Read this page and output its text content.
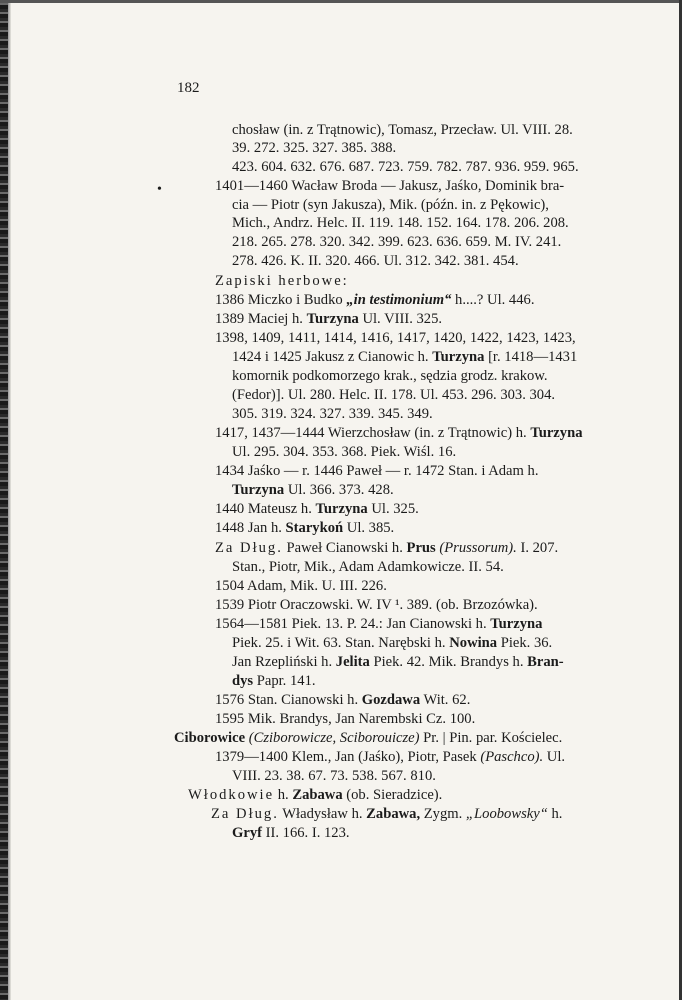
182
•
chosław (in. z Trątnowic), Tomasz, Przecław. Ul. VIII. 28.
39. 272. 325. 327. 385. 388.
423. 604. 632. 676. 687. 723. 759. 782. 787. 936. 959. 965.
1401—1460 Wacław Broda — Jakusz, Jaśko, Dominik bra-
cia — Piotr (syn Jakusza), Mik. (późn. in. z Pękowic),
Mich., Andrz. Helc. II. 119. 148. 152. 164. 178. 206. 208.
218. 265. 278. 320. 342. 399. 623. 636. 659. M. IV. 241.
278. 426. K. II. 320. 466. Ul. 312. 342. 381. 454.
Zapiski herbowe:
1386 Miczko i Budko „in testimonium“ h....? Ul. 446.
1389 Maciej h. Turzyna Ul. VIII. 325.
1398, 1409, 1411, 1414, 1416, 1417, 1420, 1422, 1423, 1423,
1424 i 1425 Jakusz z Cianowic h. Turzyna [r. 1418—1431
komornik podkomorzego krak., sędzia grodz. krakow.
(Fedor)]. Ul. 280. Helc. II. 178. Ul. 453. 296. 303. 304.
305. 319. 324. 327. 339. 345. 349.
1417, 1437—1444 Wierzchosław (in. z Trątnowic) h. Turzyna
Ul. 295. 304. 353. 368. Piek. Wiśl. 16.
1434 Jaśko — r. 1446 Paweł — r. 1472 Stan. i Adam h.
Turzyna Ul. 366. 373. 428.
1440 Mateusz h. Turzyna Ul. 325.
1448 Jan h. Starykoń Ul. 385.
Za Dług. Paweł Cianowski h. Prus (Prussorum). I. 207.
Stan., Piotr, Mik., Adam Adamkowicze. II. 54.
1504 Adam, Mik. U. III. 226.
1539 Piotr Oraczowski. W. IV ¹. 389. (ob. Brzozówka).
1564—1581 Piek. 13. P. 24.: Jan Cianowski h. Turzyna
Piek. 25. i Wit. 63. Stan. Narębski h. Nowina Piek. 36.
Jan Rzepliński h. Jelita Piek. 42. Mik. Brandys h. Bran-
dys Papr. 141.
1576 Stan. Cianowski h. Gozdawa Wit. 62.
1595 Mik. Brandys, Jan Narembski Cz. 100.
Ciborowice (Cziborowicze, Sciborouicze) Pr. | Pin. par. Kościelec.
1379—1400 Klem., Jan (Jaśko), Piotr, Pasek (Paschco). Ul.
VIII. 23. 38. 67. 73. 538. 567. 810.
Włodkowie h. Zabawa (ob. Sieradzice).
Za Dług. Władysław h. Zabawa, Zygm. „Loobowsky“ h.
Gryf II. 166. I. 123.
